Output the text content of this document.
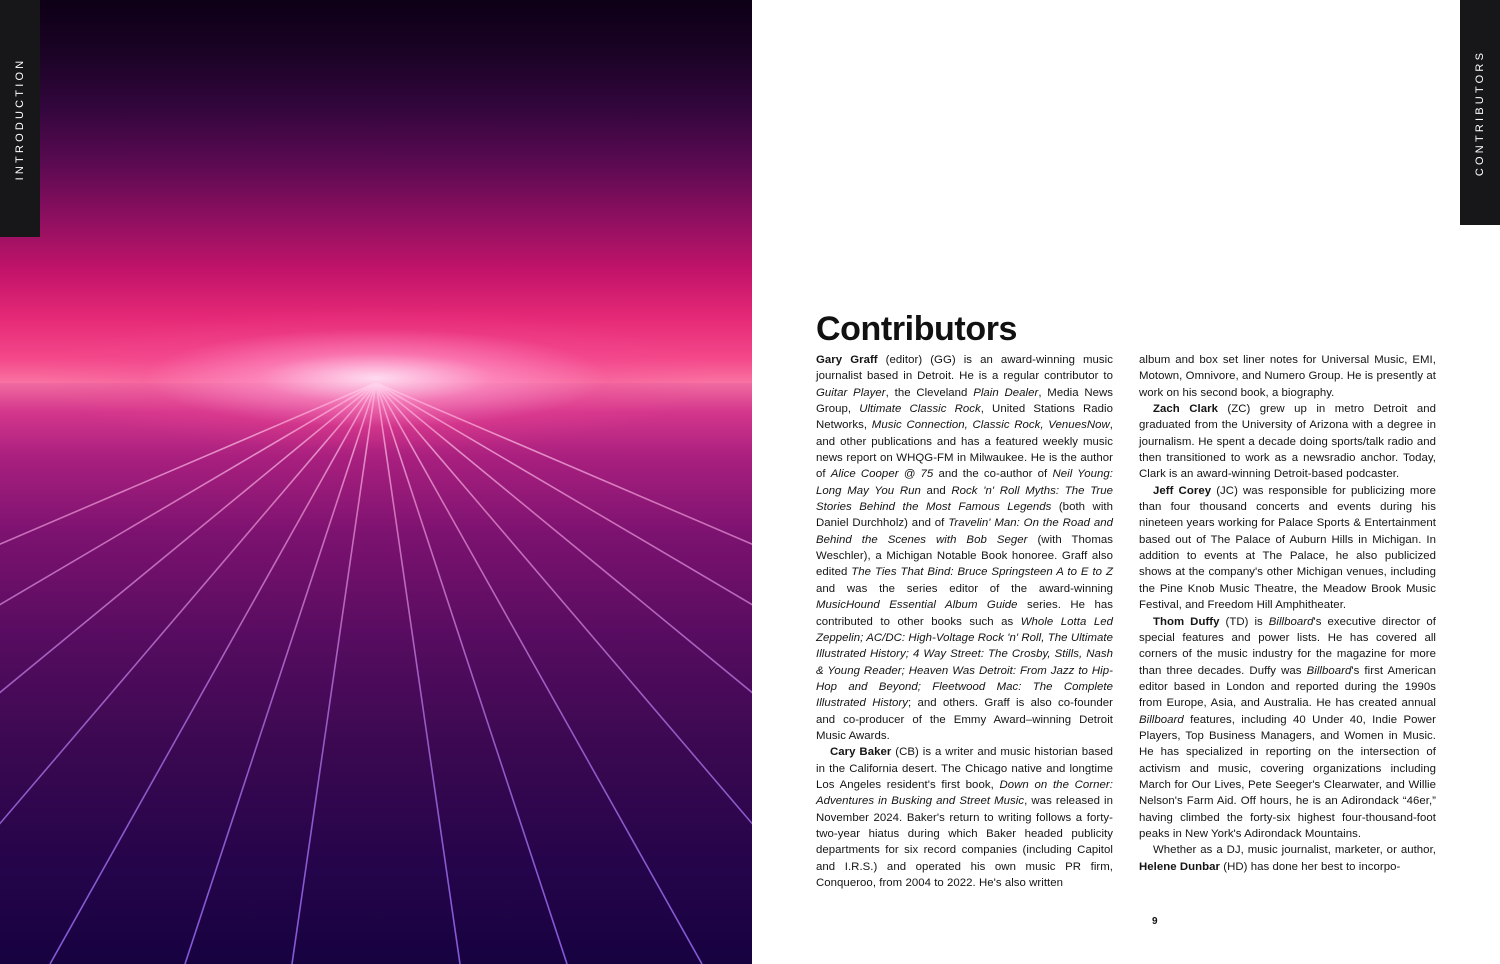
INTRODUCTION	CONTRIBUTORS
Contributors

Gary Graff (editor) (GG) is an award-winning music journalist based in Detroit. He is a regular contributor to Guitar Player, the Cleveland Plain Dealer, Media News Group, Ultimate Classic Rock, United Stations Radio Networks, Music Connection, Classic Rock, VenuesNow, and other publications and has a featured weekly music news report on WHQG-FM in Milwaukee. He is the author of Alice Cooper @ 75 and the co-author of Neil Young: Long May You Run and Rock 'n' Roll Myths: The True Stories Behind the Most Famous Legends (both with Daniel Durchholz) and of Travelin' Man: On the Road and Behind the Scenes with Bob Seger (with Thomas Weschler), a Michigan Notable Book honoree. Graff also edited The Ties That Bind: Bruce Springsteen A to E to Z and was the series editor of the award-winning MusicHound Essential Album Guide series. He has contributed to other books such as Whole Lotta Led Zeppelin; AC/DC: High-Voltage Rock 'n' Roll, The Ultimate Illustrated History; 4 Way Street: The Crosby, Stills, Nash & Young Reader; Heaven Was Detroit: From Jazz to Hip-Hop and Beyond; Fleetwood Mac: The Complete Illustrated History; and others. Graff is also co-founder and co-producer of the Emmy Award–winning Detroit Music Awards.

Cary Baker (CB) is a writer and music historian based in the California desert. The Chicago native and longtime Los Angeles resident's first book, Down on the Corner: Adventures in Busking and Street Music, was released in November 2024. Baker's return to writing follows a forty-two-year hiatus during which Baker headed publicity departments for six record companies (including Capitol and I.R.S.) and operated his own music PR firm, Conqueroo, from 2004 to 2022. He's also written

album and box set liner notes for Universal Music, EMI, Motown, Omnivore, and Numero Group. He is presently at work on his second book, a biography.

Zach Clark (ZC) grew up in metro Detroit and graduated from the University of Arizona with a degree in journalism. He spent a decade doing sports/talk radio and then transitioned to work as a newsradio anchor. Today, Clark is an award-winning Detroit-based podcaster.

Jeff Corey (JC) was responsible for publicizing more than four thousand concerts and events during his nineteen years working for Palace Sports & Entertainment based out of The Palace of Auburn Hills in Michigan. In addition to events at The Palace, he also publicized shows at the company's other Michigan venues, including the Pine Knob Music Theatre, the Meadow Brook Music Festival, and Freedom Hill Amphitheater.

Thom Duffy (TD) is Billboard's executive director of special features and power lists. He has covered all corners of the music industry for the magazine for more than three decades. Duffy was Billboard's first American editor based in London and reported during the 1990s from Europe, Asia, and Australia. He has created annual Billboard features, including 40 Under 40, Indie Power Players, Top Business Managers, and Women in Music. He has specialized in reporting on the intersection of activism and music, covering organizations including March for Our Lives, Pete Seeger's Clearwater, and Willie Nelson's Farm Aid. Off hours, he is an Adirondack “46er,” having climbed the forty-six highest four-thousand-foot peaks in New York's Adirondack Mountains.

Whether as a DJ, music journalist, marketer, or author, Helene Dunbar (HD) has done her best to incorpo-

9
